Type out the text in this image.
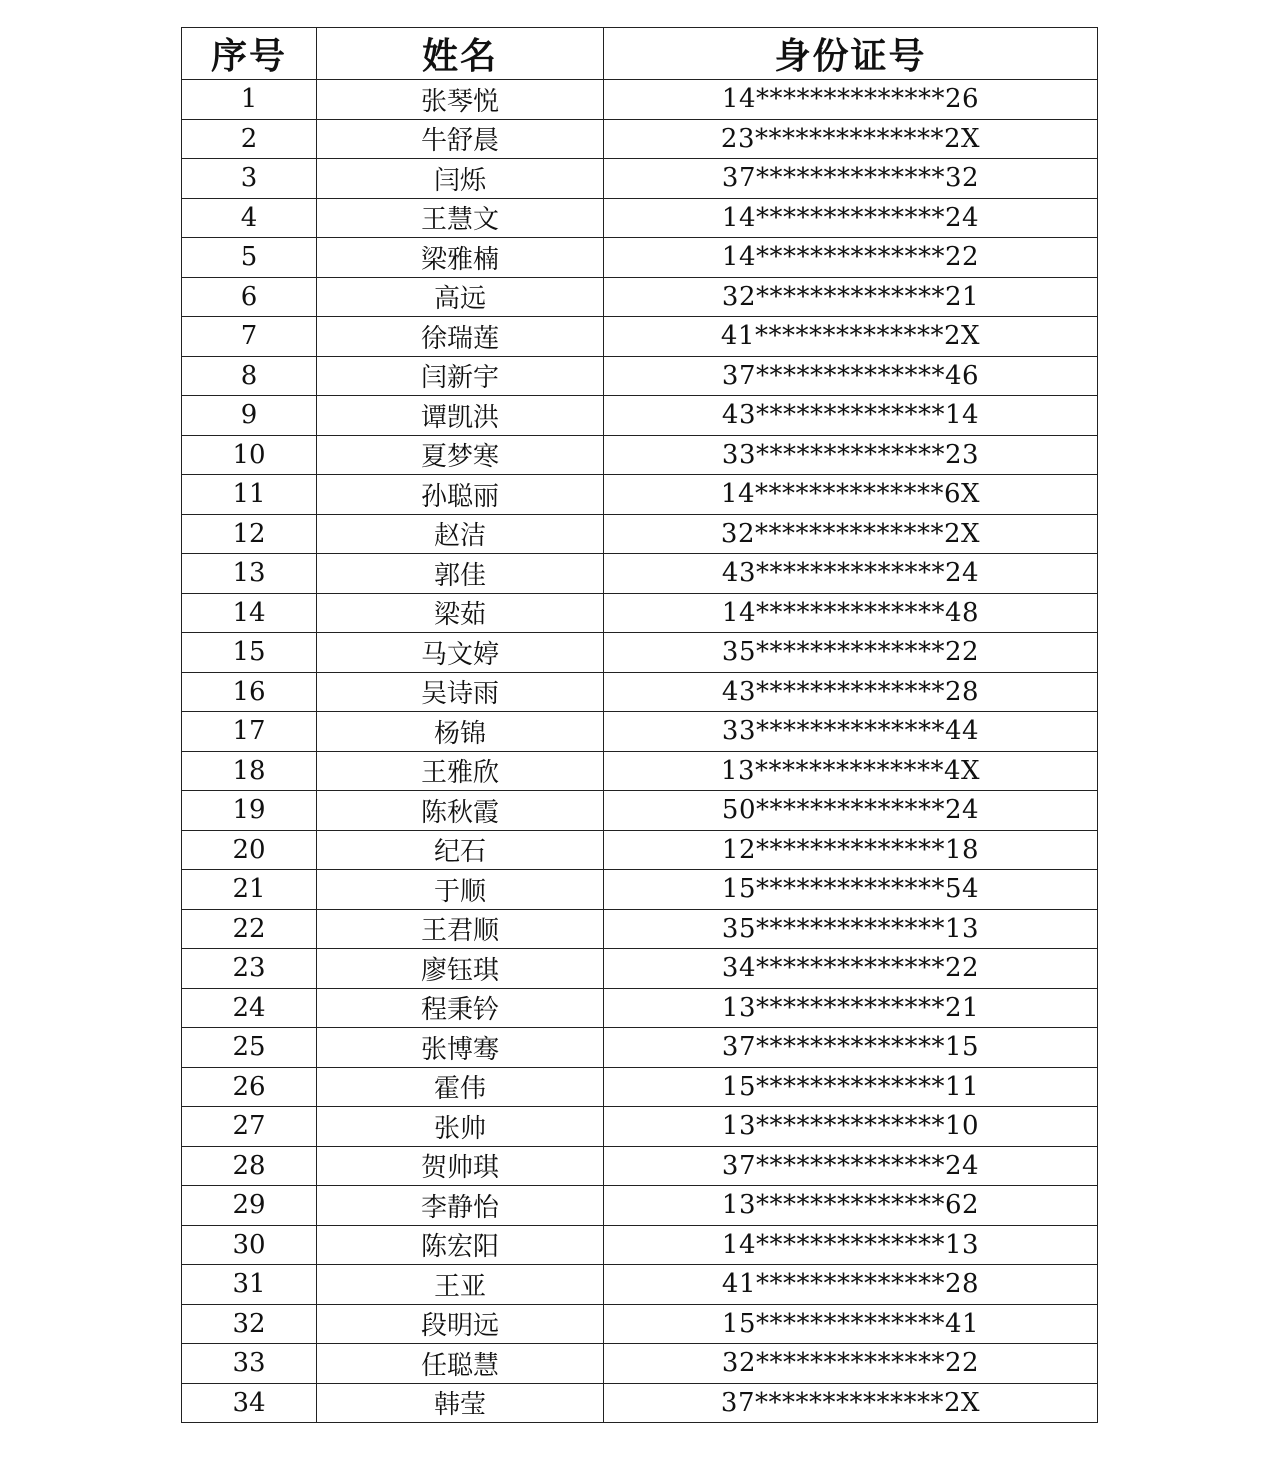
序号	姓名	身份证号
1	张琴悦	14**************26
2	牛舒晨	23**************2X
3	闫烁	37**************32
4	王慧文	14**************24
5	梁雅楠	14**************22
6	高远	32**************21
7	徐瑞莲	41**************2X
8	闫新宇	37**************46
9	谭凯洪	43**************14
10	夏梦寒	33**************23
11	孙聪丽	14**************6X
12	赵洁	32**************2X
13	郭佳	43**************24
14	梁茹	14**************48
15	马文婷	35**************22
16	吴诗雨	43**************28
17	杨锦	33**************44
18	王雅欣	13**************4X
19	陈秋霞	50**************24
20	纪石	12**************18
21	于顺	15**************54
22	王君顺	35**************13
23	廖钰琪	34**************22
24	程秉钤	13**************21
25	张博骞	37**************15
26	霍伟	15**************11
27	张帅	13**************10
28	贺帅琪	37**************24
29	李静怡	13**************62
30	陈宏阳	14**************13
31	王亚	41**************28
32	段明远	15**************41
33	任聪慧	32**************22
34	韩莹	37**************2X
